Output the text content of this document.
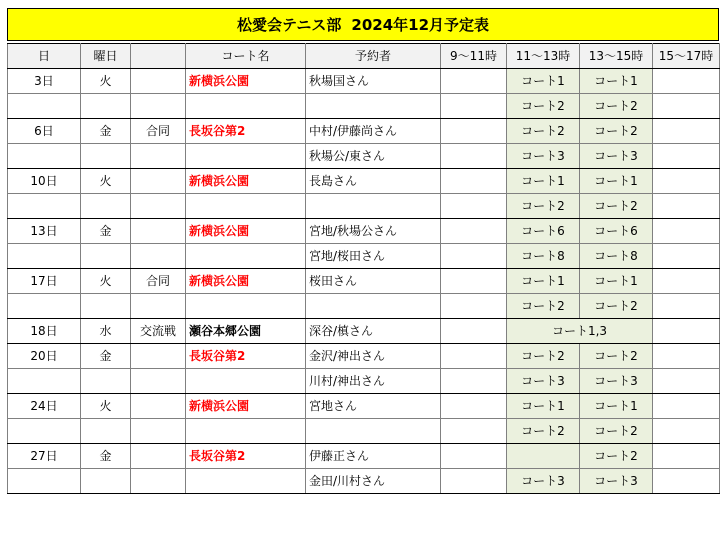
松愛会テニス部 2024年12月予定表
日	曜日		コート名	予約者	9～11時	11～13時	13～15時	15～17時
3日	火		新横浜公園	秋場国さん		コート1	コート1	
						コート2	コート2	
6日	金	合同	長坂谷第2	中村/伊藤尚さん		コート2	コート2	
				秋場公/東さん		コート3	コート3	
10日	火		新横浜公園	長島さん		コート1	コート1	
						コート2	コート2	
13日	金		新横浜公園	宮地/秋場公さん		コート6	コート6	
				宮地/桜田さん		コート8	コート8	
17日	火	合同	新横浜公園	桜田さん		コート1	コート1	
						コート2	コート2	
18日	水	交流戦	瀬谷本郷公園	深谷/槙さん		コート1,3		
20日	金		長坂谷第2	金沢/神出さん		コート2	コート2	
				川村/神出さん		コート3	コート3	
24日	火		新横浜公園	宮地さん		コート1	コート1	
						コート2	コート2	
27日	金		長坂谷第2	伊藤正さん			コート2	
				金田/川村さん		コート3	コート3	
